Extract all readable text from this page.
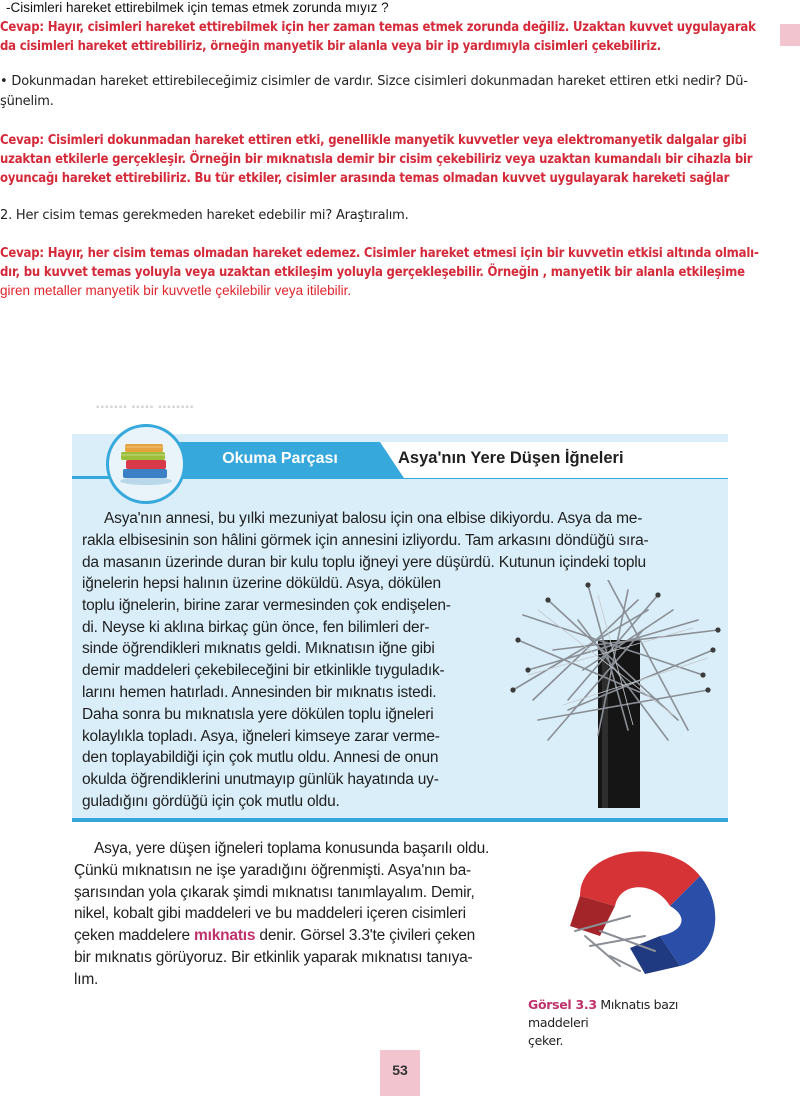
-Cisimleri hareket ettirebilmek için temas etmek zorunda mıyız ?
Cevap: Hayır, cisimleri hareket ettirebilmek için her zaman temas etmek zorunda değiliz. Uzaktan kuvvet uygulayarak
da cisimleri hareket ettirebiliriz, örneğin manyetik bir alanla veya bir ip yardımıyla cisimleri çekebiliriz.
• Dokunmadan hareket ettirebileceğimiz cisimler de vardır. Sizce cisimleri dokunmadan hareket ettiren etki nedir? Dü-
şünelim.
Cevap: Cisimleri dokunmadan hareket ettiren etki, genellikle manyetik kuvvetler veya elektromanyetik dalgalar gibi
uzaktan etkilerle gerçekleşir. Örneğin bir mıknatısla demir bir cisim çekebiliriz veya uzaktan kumandalı bir cihazla bir
oyuncağı hareket ettirebiliriz. Bu tür etkiler, cisimler arasında temas olmadan kuvvet uygulayarak hareketi sağlar
2. Her cisim temas gerekmeden hareket edebilir mi? Araştıralım.
Cevap: Hayır, her cisim temas olmadan hareket edemez. Cisimler hareket etmesi için bir kuvvetin etkisi altında olmalı-
dır, bu kuvvet temas yoluyla veya uzaktan etkileşim yoluyla gerçekleşebilir. Örneğin , manyetik bir alanla etkileşime
giren metaller manyetik bir kuvvetle çekilebilir veya itilebilir.
▪▪▪▪▪▪▪ ▪▪▪▪▪ ▪▪▪▪▪▪▪▪
Okuma Parçası	Asya'nın Yere Düşen İğneleri
Asya'nın annesi, bu yılki mezuniyat balosu için ona elbise dikiyordu. Asya da me-
rakla elbisesinin son hâlini görmek için annesini izliyordu. Tam arkasını döndüğü sıra-
da masanın üzerinde duran bir kulu toplu iğneyi yere düşürdü. Kutunun içindeki toplu
iğnelerin hepsi halının üzerine döküldü. Asya, dökülen
toplu iğnelerin, birine zarar vermesinden çok endişelen-
di. Neyse ki aklına birkaç gün önce, fen bilimleri der-
sinde öğrendikleri mıknatıs geldi. Mıknatısın iğne gibi
demir maddeleri çekebileceğini bir etkinlikle tıyguladık-
larını hemen hatırladı. Annesinden bir mıknatıs istedi.
Daha sonra bu mıknatısla yere dökülen toplu iğneleri
kolaylıkla topladı. Asya, iğneleri kimseye zarar verme-
den toplayabildiği için çok mutlu oldu. Annesi de onun
okulda öğrendiklerini unutmayıp günlük hayatında uy-
guladığını gördüğü için çok mutlu oldu.
Asya, yere düşen iğneleri toplama konusunda başarılı oldu.
Çünkü mıknatısın ne işe yaradığını öğrenmişti. Asya'nın ba-
şarısından yola çıkarak şimdi mıknatısı tanımlayalım. Demir,
nikel, kobalt gibi maddeleri ve bu maddeleri içeren cisimleri
çeken maddelere mıknatıs denir. Görsel 3.3'te çivileri çeken
bir mıknatıs görüyoruz. Bir etkinlik yaparak mıknatısı tanıya-
lım.
Görsel 3.3 Mıknatıs bazı maddeleri
çeker.
53
